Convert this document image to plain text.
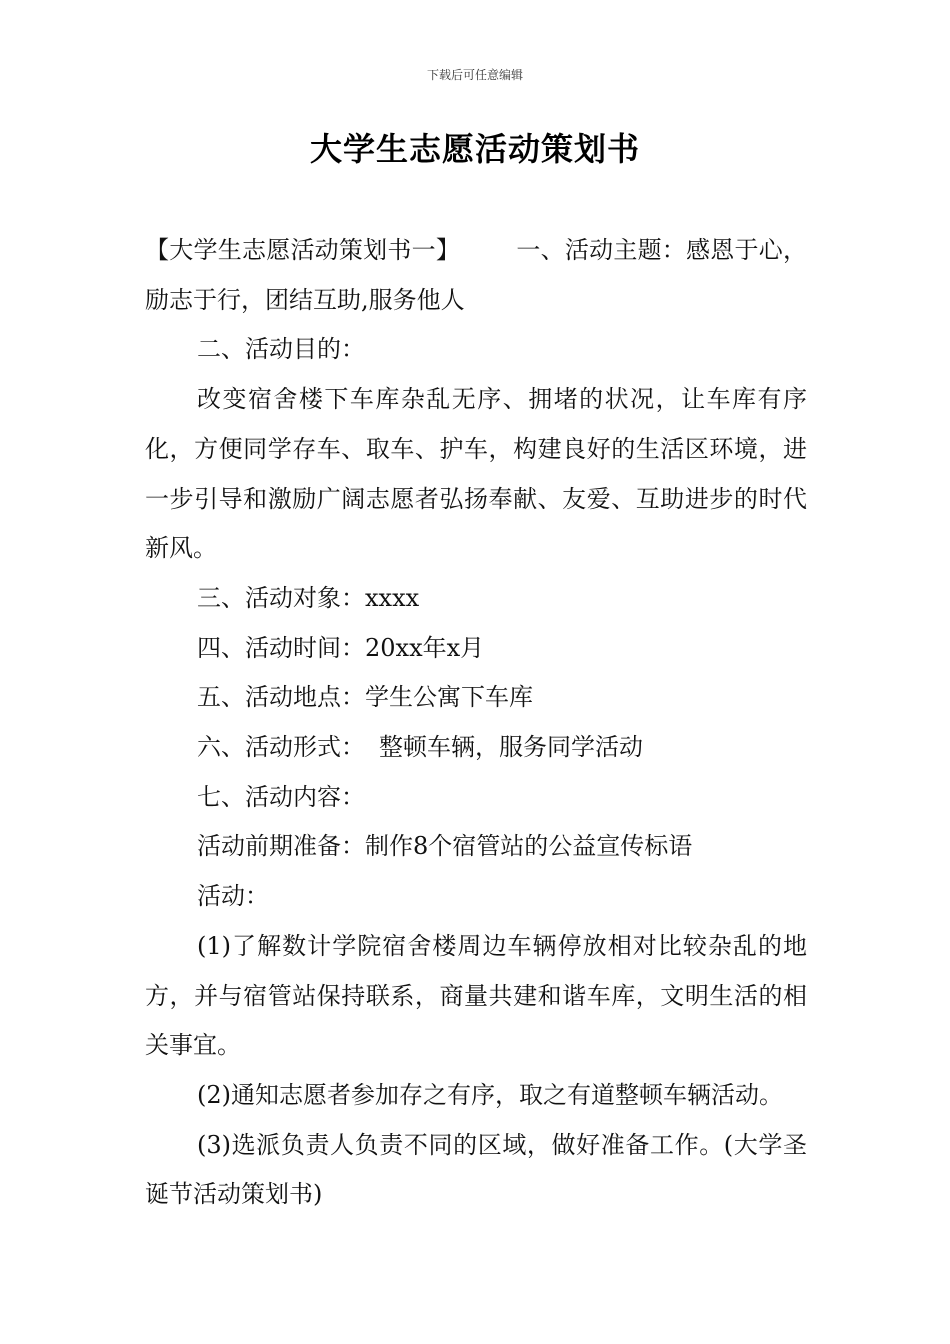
下载后可任意编辑
大学生志愿活动策划书

【大学生志愿活动策划书一】 一、活动主题：感恩于心，励志于行，团结互助,服务他人

二、活动目的：

改变宿舍楼下车库杂乱无序、拥堵的状况，让车库有序化，方便同学存车、取车、护车，构建良好的生活区环境，进一步引导和激励广阔志愿者弘扬奉献、友爱、互助进步的时代新风。

三、活动对象：xxxx

四、活动时间：20xx年x月

五、活动地点：学生公寓下车库

六、活动形式： 整顿车辆，服务同学活动

七、活动内容：

活动前期准备：制作8个宿管站的公益宣传标语

活动：

(1)了解数计学院宿舍楼周边车辆停放相对比较杂乱的地方，并与宿管站保持联系，商量共建和谐车库，文明生活的相关事宜。

(2)通知志愿者参加存之有序，取之有道整顿车辆活动。

(3)选派负责人负责不同的区域，做好准备工作。(大学圣诞节活动策划书)
